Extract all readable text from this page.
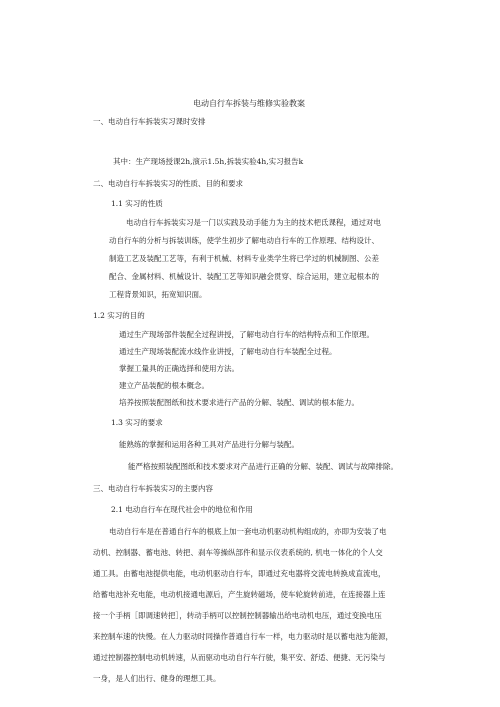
电动自行车拆装与维修实验教案
一、电动自行车拆装实习课时安排
其中：生产现场授课2h,演示1.5h,拆装实验4h,实习报告k
二、电动自行车拆装实习的性质、目的和要求
1.1 实习的性质
电动自行车拆装实习是一门以实践及动手能力为主的技术杷氐课程，通过对电
动自行车的分析与拆装训练，使学生初步了解电动自行车的工作原理、结构设计、
制造工艺及装配工艺等，有利于机械、材料专业类学生将已学过的机械制图、公差
配合、金属材料、机械设计、装配工艺等知识融会贯穿、综合运用，建立起根本的
工程背景知识，拓宽知识面。
1.2 实习的目的
通过生产现场部件装配全过程讲授，了解电动自行车的结构特点和工作原理。
通过生产现场装配流水线作业讲授，了解电动自行车装配全过程。
掌握工量具的正确选择和使用方法。
建立产品装配的根本概念。
培养按照装配图纸和技术要求进行产品的分解、装配、调试的根本能力。
1.3 实习的要求
能熟练的掌握和运用各种工具对产品进行分解与装配。
能严格按照装配图纸和技术要求对产品进行正确的分解、装配、调试与故障排除。
三、电动自行车拆装实习的主要内容
2.1 电动自行车在现代社会中的地位和作用
电动自行车是在普通自行车的根底上加一套电动机驱动机构组成的，亦即为安装了电
动机、控制器、蓄电池、转把、刹车等操纵部件和显示仪表系统的, 机电一体化的个人交
通工具。由蓄电池提供电能，电动机驱动自行车，即通过充电器将交流电转换成直流电，
给蓄电池补充电能，电动机接通电源后，产生旋转磁场，使车轮旋转前进，在连接器上连
接一个手柄［即调速转把］，转动手柄可以控制控制器输出给电动机电压，通过变换电压
来控制车速的快慢。在人力驱动时同操作普通自行车一样，电力驱动时是以蓄电池为能源，
通过控制器控制电动机转速，从而驱动电动自行车行驶，集平安、舒适、便捷、无污染与
一身，是人们出行、健身的理想工具。
